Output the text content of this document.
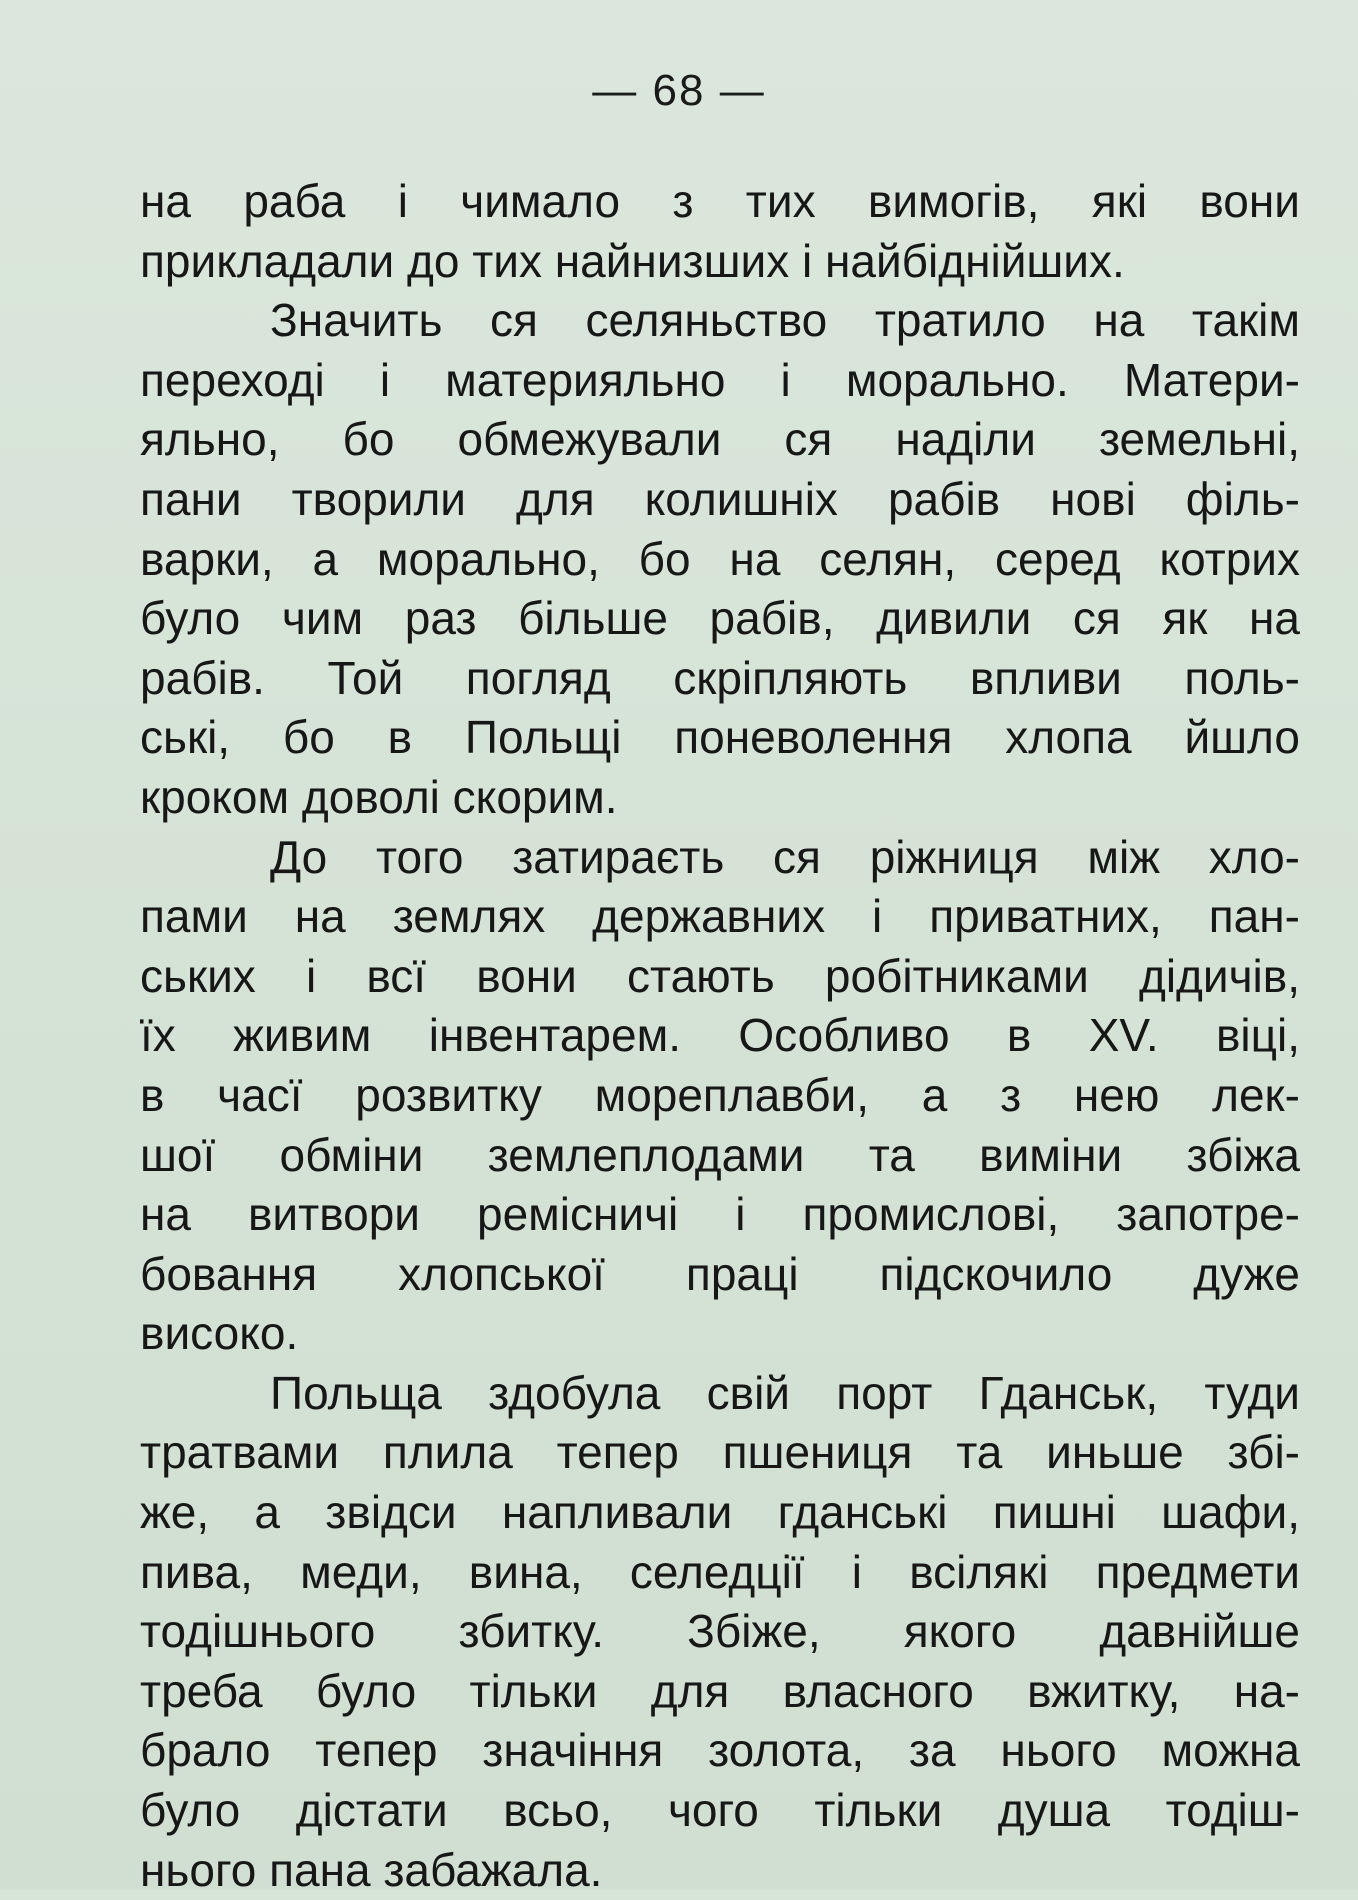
— 68 —
на раба і чимало з тих вимогів, які вони
прикладали до тих найнизших і найбіднійших.
Значить ся селяньство тратило на такім
переході і материяльно і морально. Матери-
яльно, бо обмежували ся наділи земельні,
пани творили для колишніх рабів нові філь-
варки, а морально, бо на селян, серед котрих
було чим раз більше рабів, дивили ся як на
рабів. Той погляд скріпляють впливи поль-
ські, бо в Польщі поневолення хлопа йшло
кроком доволі скорим.
До того затираєть ся ріжниця між хло-
пами на землях державних і приватних, пан-
ських і всї вони стають робітниками дідичів,
їх живим інвентарем. Особливо в XV. віці,
в часї розвитку мореплавби, а з нею лек-
шої обміни землеплодами та виміни збіжа
на витвори ремісничі і промислові, запотре-
бовання хлопської праці підскочило дуже
високо.
Польща здобула свій порт Гданськ, туди
тратвами плила тепер пшениця та иньше збі-
же, а звідси напливали гданські пишні шафи,
пива, меди, вина, селедції і всілякі предмети
тодішнього збитку. Збіже, якого давнійше
треба було тільки для власного вжитку, на-
брало тепер значіння золота, за нього можна
було дістати всьо, чого тільки душа тодіш-
нього пана забажала.
